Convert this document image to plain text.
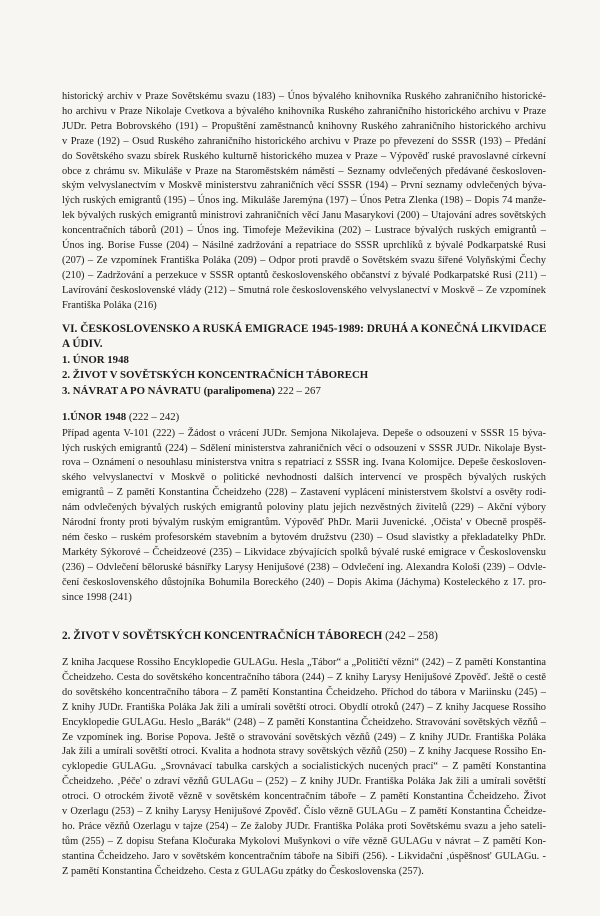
historický archiv v Praze Sovětskému svazu (183) – Únos bývalého knihovníka Ruského zahraničního historické-
ho archivu v Praze Nikolaje Cvetkova a bývalého knihovníka Ruského zahraničního historického archivu v Praze
JUDr. Petra Bobrovského (191) – Propuštění zaměstnanců knihovny Ruského zahraničního historického archivu
v Praze (192) – Osud Ruského zahraničního historického archivu v Praze po převezení do SSSR (193) – Předání
do Sovětského svazu sbírek Ruského kulturně historického muzea v Praze – Výpověď ruské pravoslavné církevní
obce z chrámu sv. Mikuláše v Praze na Staroměstském náměstí – Seznamy odvlečených předávané českosloven-
ským velvyslanectvím v Moskvě ministerstvu zahraničních věcí SSSR (194) – První seznamy odvlečených býva-
lých ruských emigrantů (195) – Únos ing. Mikuláše Jaremýna (197) – Únos Petra Zlenka (198) – Dopis 74 manže-
lek bývalých ruských emigrantů ministrovi zahraničních věcí Janu Masarykovi (200) – Utajování adres sovětských
koncentračních táborů (201) – Únos ing. Timofeje Meževikina (202) – Lustrace bývalých ruských emigrantů –
Únos ing. Borise Fusse (204) – Násilné zadržování a repatriace do SSSR uprchlíků z bývalé Podkarpatské Rusi
(207) – Ze vzpomínek Františka Poláka (209) – Odpor proti pravdě o Sovětském svazu šířené Volyňskými Čechy
(210) – Zadržování a perzekuce v SSSR optantů československého občanství z bývalé Podkarpatské Rusi (211) –
Lavírování československé vlády (212) – Smutná role československého velvyslanectví v Moskvě – Ze vzpomínek
Františka Poláka (216)
VI. ČESKOSLOVENSKO A RUSKÁ EMIGRACE 1945-1989: DRUHÁ A KONEČNÁ LIKVIDACE
A ÚDIV.
1. ÚNOR 1948
2. ŽIVOT V SOVĚTSKÝCH KONCENTRAČNÍCH TÁBORECH
3. NÁVRAT A PO NÁVRATU (paralipomena) 222 – 267
1.ÚNOR 1948 (222 – 242)
Případ agenta V-101 (222) – Žádost o vrácení JUDr. Semjona Nikolajeva. Depeše o odsouzení v SSSR 15 býva-
lých ruských emigrantů (224) – Sdělení ministerstva zahraničních věcí o odsouzení v SSSR JUDr. Nikolaje Byst-
rova – Oznámení o nesouhlasu ministerstva vnitra s repatriací z SSSR ing. Ivana Kolomijce. Depeše českosloven-
ského velvyslanectví v Moskvě o politické nevhodnosti dalších intervencí ve prospěch bývalých ruských
emigrantů – Z pamětí Konstantina Čcheidzeho (228) – Zastavení vyplácení ministerstvem školství a osvěty rodi-
nám odvlečených bývalých ruských emigrantů poloviny platu jejich nezvěstných živitelů (229) – Akční výbory
Národní fronty proti bývalým ruským emigrantům. Výpověď PhDr. Marii Juvenické. ‚Očista' v Obecně prospěš-
ném česko – ruském profesorském stavebním a bytovém družstvu (230) – Osud slavistky a překladatelky PhDr.
Markéty Sýkorové – Čcheidzeové (235) – Likvidace zbývajících spolků bývalé ruské emigrace v Československu
(236) – Odvlečení běloruské básnířky Larysy Henijušové (238) – Odvlečení ing. Alexandra Kološi (239) – Odvle-
čení československého důstojníka Bohumila Boreckého (240) – Dopis Akima (Jáchyma) Kosteleckého z 17. pro-
since 1998 (241)
2. ŽIVOT V SOVĚTSKÝCH KONCENTRAČNÍCH TÁBORECH (242 – 258)
Z kniha Jacquese Rossiho Encyklopedie GULAGu. Hesla „Tábor“ a „Političtí vězni“ (242) – Z pamětí Konstantina
Čcheidzeho. Cesta do sovětského koncentračního tábora (244) – Z knihy Larysy Henijušové Zpověď. Ještě o cestě
do sovětského koncentračního tábora – Z pamětí Konstantina Čcheidzeho. Příchod do tábora v Mariinsku (245) –
Z knihy JUDr. Františka Poláka Jak žili a umírali sovětští otroci. Obydlí otroků (247) – Z knihy Jacquese Rossiho
Encyklopedie GULAGu. Heslo „Barák“ (248) – Z pamětí Konstantina Čcheidzeho. Stravování sovětských vězňů –
Ze vzpomínek ing. Borise Popova. Ještě o stravování sovětských vězňů (249) – Z knihy JUDr. Františka Poláka
Jak žili a umírali sovětští otroci. Kvalita a hodnota stravy sovětských vězňů (250) – Z knihy Jacquese Rossiho En-
cyklopedie GULAGu. „Srovnávací tabulka carských a socialistických nucených prací“ – Z pamětí Konstantina
Čcheidzeho. ‚Péče' o zdraví vězňů GULAGu – (252) – Z knihy JUDr. Františka Poláka Jak žili a umírali sovětští
otroci. O otrockém životě vězně v sovětském koncentračním táboře – Z pamětí Konstantina Čcheidzeho. Život
v Ozerlagu (253) – Z knihy Larysy Henijušové Zpověď. Číslo vězně GULAGu – Z pamětí Konstantina Čcheidze-
ho. Práce vězňů Ozerlagu v tajze (254) – Ze žaloby JUDr. Františka Poláka proti Sovětskému svazu a jeho sateli-
tům (255) – Z dopisu Stefana Kločuraka Mykolovi Mušynkovi o víře vězně GULAGu v návrat – Z pamětí Kon-
stantina Čcheidzeho. Jaro v sovětském koncentračním táboře na Sibiři (256). - Likvidační ‚úspěšnost' GULAGu. -
Z pamětí Konstantina Čcheidzeho. Cesta z GULAGu zpátky do Československa (257).
